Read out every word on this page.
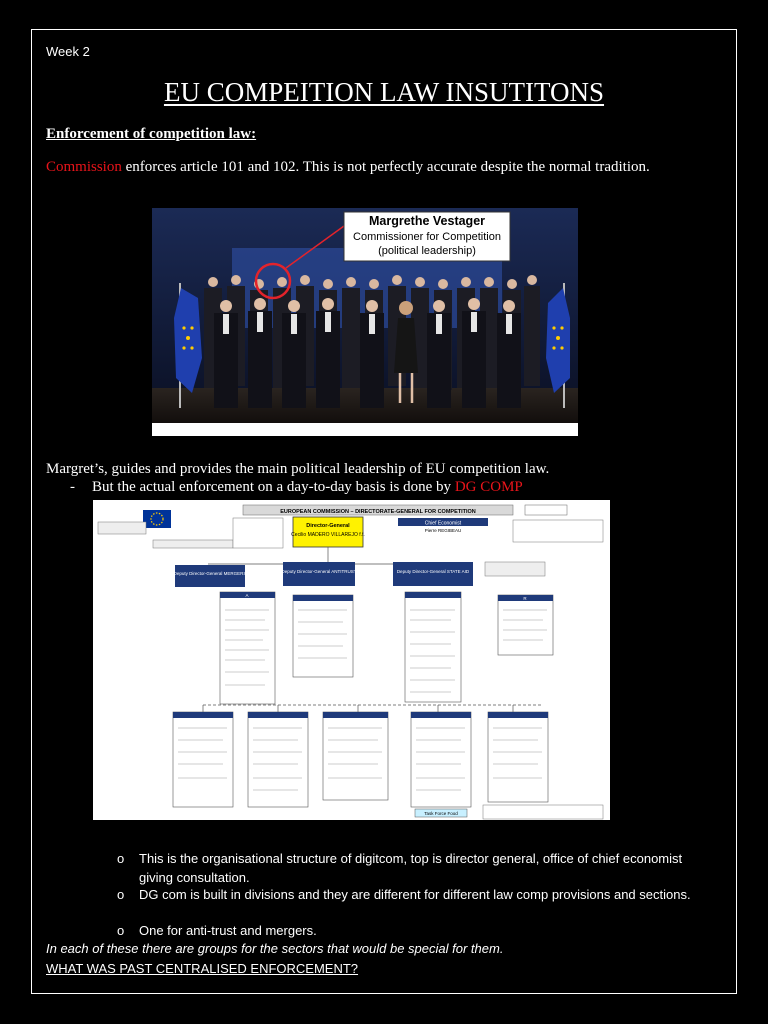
Week 2
EU COMPEITION LAW INSUTITONS
Enforcement of competition law:
Commission enforces article 101 and 102. This is not perfectly accurate despite the normal tradition.
Margrethe Vestager
Commissioner for Competition
(political leadership)
Margret’s, guides and provides the main political leadership of EU competition law.
- But the actual enforcement on a day-to-day basis is done by DG COMP
EUROPEAN COMMISSION – DIRECTORATE-GENERAL FOR COMPETITION
Director-General
Cecilio MADERO VILLAREJO f.f.
Chief Economist
Pierre REGIBEAU
Deputy Director-General MERGERS	Deputy Director-General ANTITRUST	Deputy Director-General STATE AID
A
R
Task Force Food
o This is the organisational structure of digitcom, top is director general, office of chief economist giving consultation.
o DG com is built in divisions and they are different for different law comp provisions and sections.
o One for anti-trust and mergers.
In each of these there are groups for the sectors that would be special for them.
WHAT WAS PAST CENTRALISED ENFORCEMENT?
